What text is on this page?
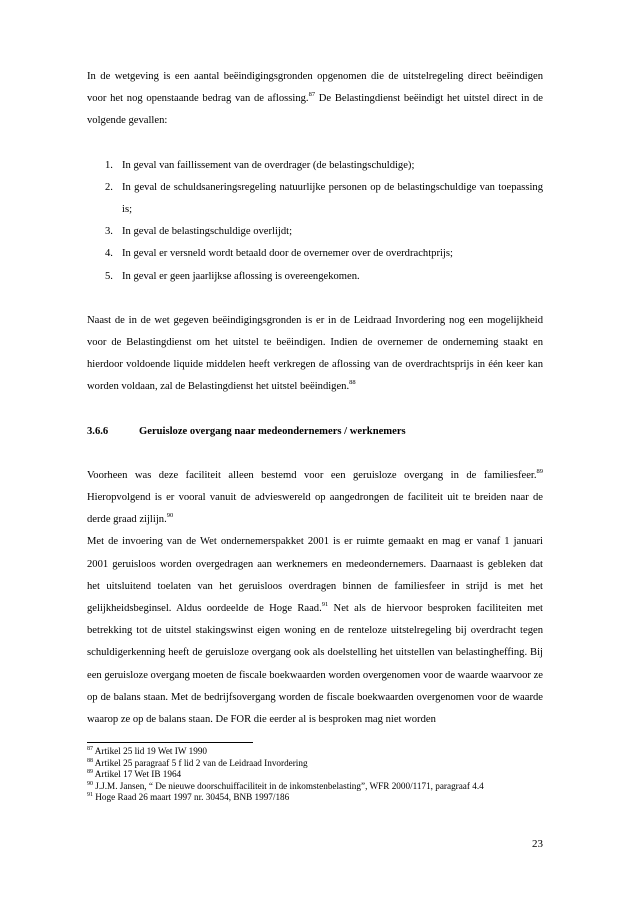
In de wetgeving is een aantal beëindigingsgronden opgenomen die de uitstelregeling direct beëindigen voor het nog openstaande bedrag van de aflossing.$^{87}$ De Belastingdienst beëindigt het uitstel direct in de volgende gevallen:

1. In geval van faillissement van de overdrager (de belastingschuldige);
2. In geval de schuldsaneringsregeling natuurlijke personen op de belastingschuldige van toepassing is;
3. In geval de belastingschuldige overlijdt;
4. In geval er versneld wordt betaald door de overnemer over de overdrachtprijs;
5. In geval er geen jaarlijkse aflossing is overeengekomen.

Naast de in de wet gegeven beëindigingsgronden is er in de Leidraad Invordering nog een mogelijkheid voor de Belastingdienst om het uitstel te beëindigen. Indien de overnemer de onderneming staakt en hierdoor voldoende liquide middelen heeft verkregen de aflossing van de overdrachtsprijs in één keer kan worden voldaan, zal de Belastingdienst het uitstel beëindigen.$^{88}$

3.6.6	Geruisloze overgang naar medeondernemers / werknemers

Voorheen was deze faciliteit alleen bestemd voor een geruisloze overgang in de familiesfeer.$^{89}$ Hieropvolgend is er vooral vanuit de advieswereld op aangedrongen de faciliteit uit te breiden naar de derde graad zijlijn.$^{90}$

Met de invoering van de Wet ondernemerspakket 2001 is er ruimte gemaakt en mag er vanaf 1 januari 2001 geruisloos worden overgedragen aan werknemers en medeondernemers. Daarnaast is gebleken dat het uitsluitend toelaten van het geruisloos overdragen binnen de familiesfeer in strijd is met het gelijkheidsbeginsel. Aldus oordeelde de Hoge Raad.$^{91}$ Net als de hiervoor besproken faciliteiten met betrekking tot de uitstel stakingswinst eigen woning en de renteloze uitstelregeling bij overdracht tegen schuldigerkenning heeft de geruisloze overgang ook als doelstelling het uitstellen van belastingheffing. Bij een geruisloze overgang moeten de fiscale boekwaarden worden overgenomen voor de waarde waarvoor ze op de balans staan. Met de bedrijfsovergang worden de fiscale boekwaarden overgenomen voor de waarde waarop ze op de balans staan. De FOR die eerder al is besproken mag niet worden

$^{87}$ Artikel 25 lid 19 Wet IW 1990

$^{88}$ Artikel 25 paragraaf 5 f lid 2 van de Leidraad Invordering

$^{89}$ Artikel 17 Wet IB 1964

$^{90}$ J.J.M. Jansen, “ De nieuwe doorschuiffaciliteit in de inkomstenbelasting”, WFR 2000/1171, paragraaf 4.4

$^{91}$ Hoge Raad 26 maart 1997 nr. 30454, BNB 1997/186

23
